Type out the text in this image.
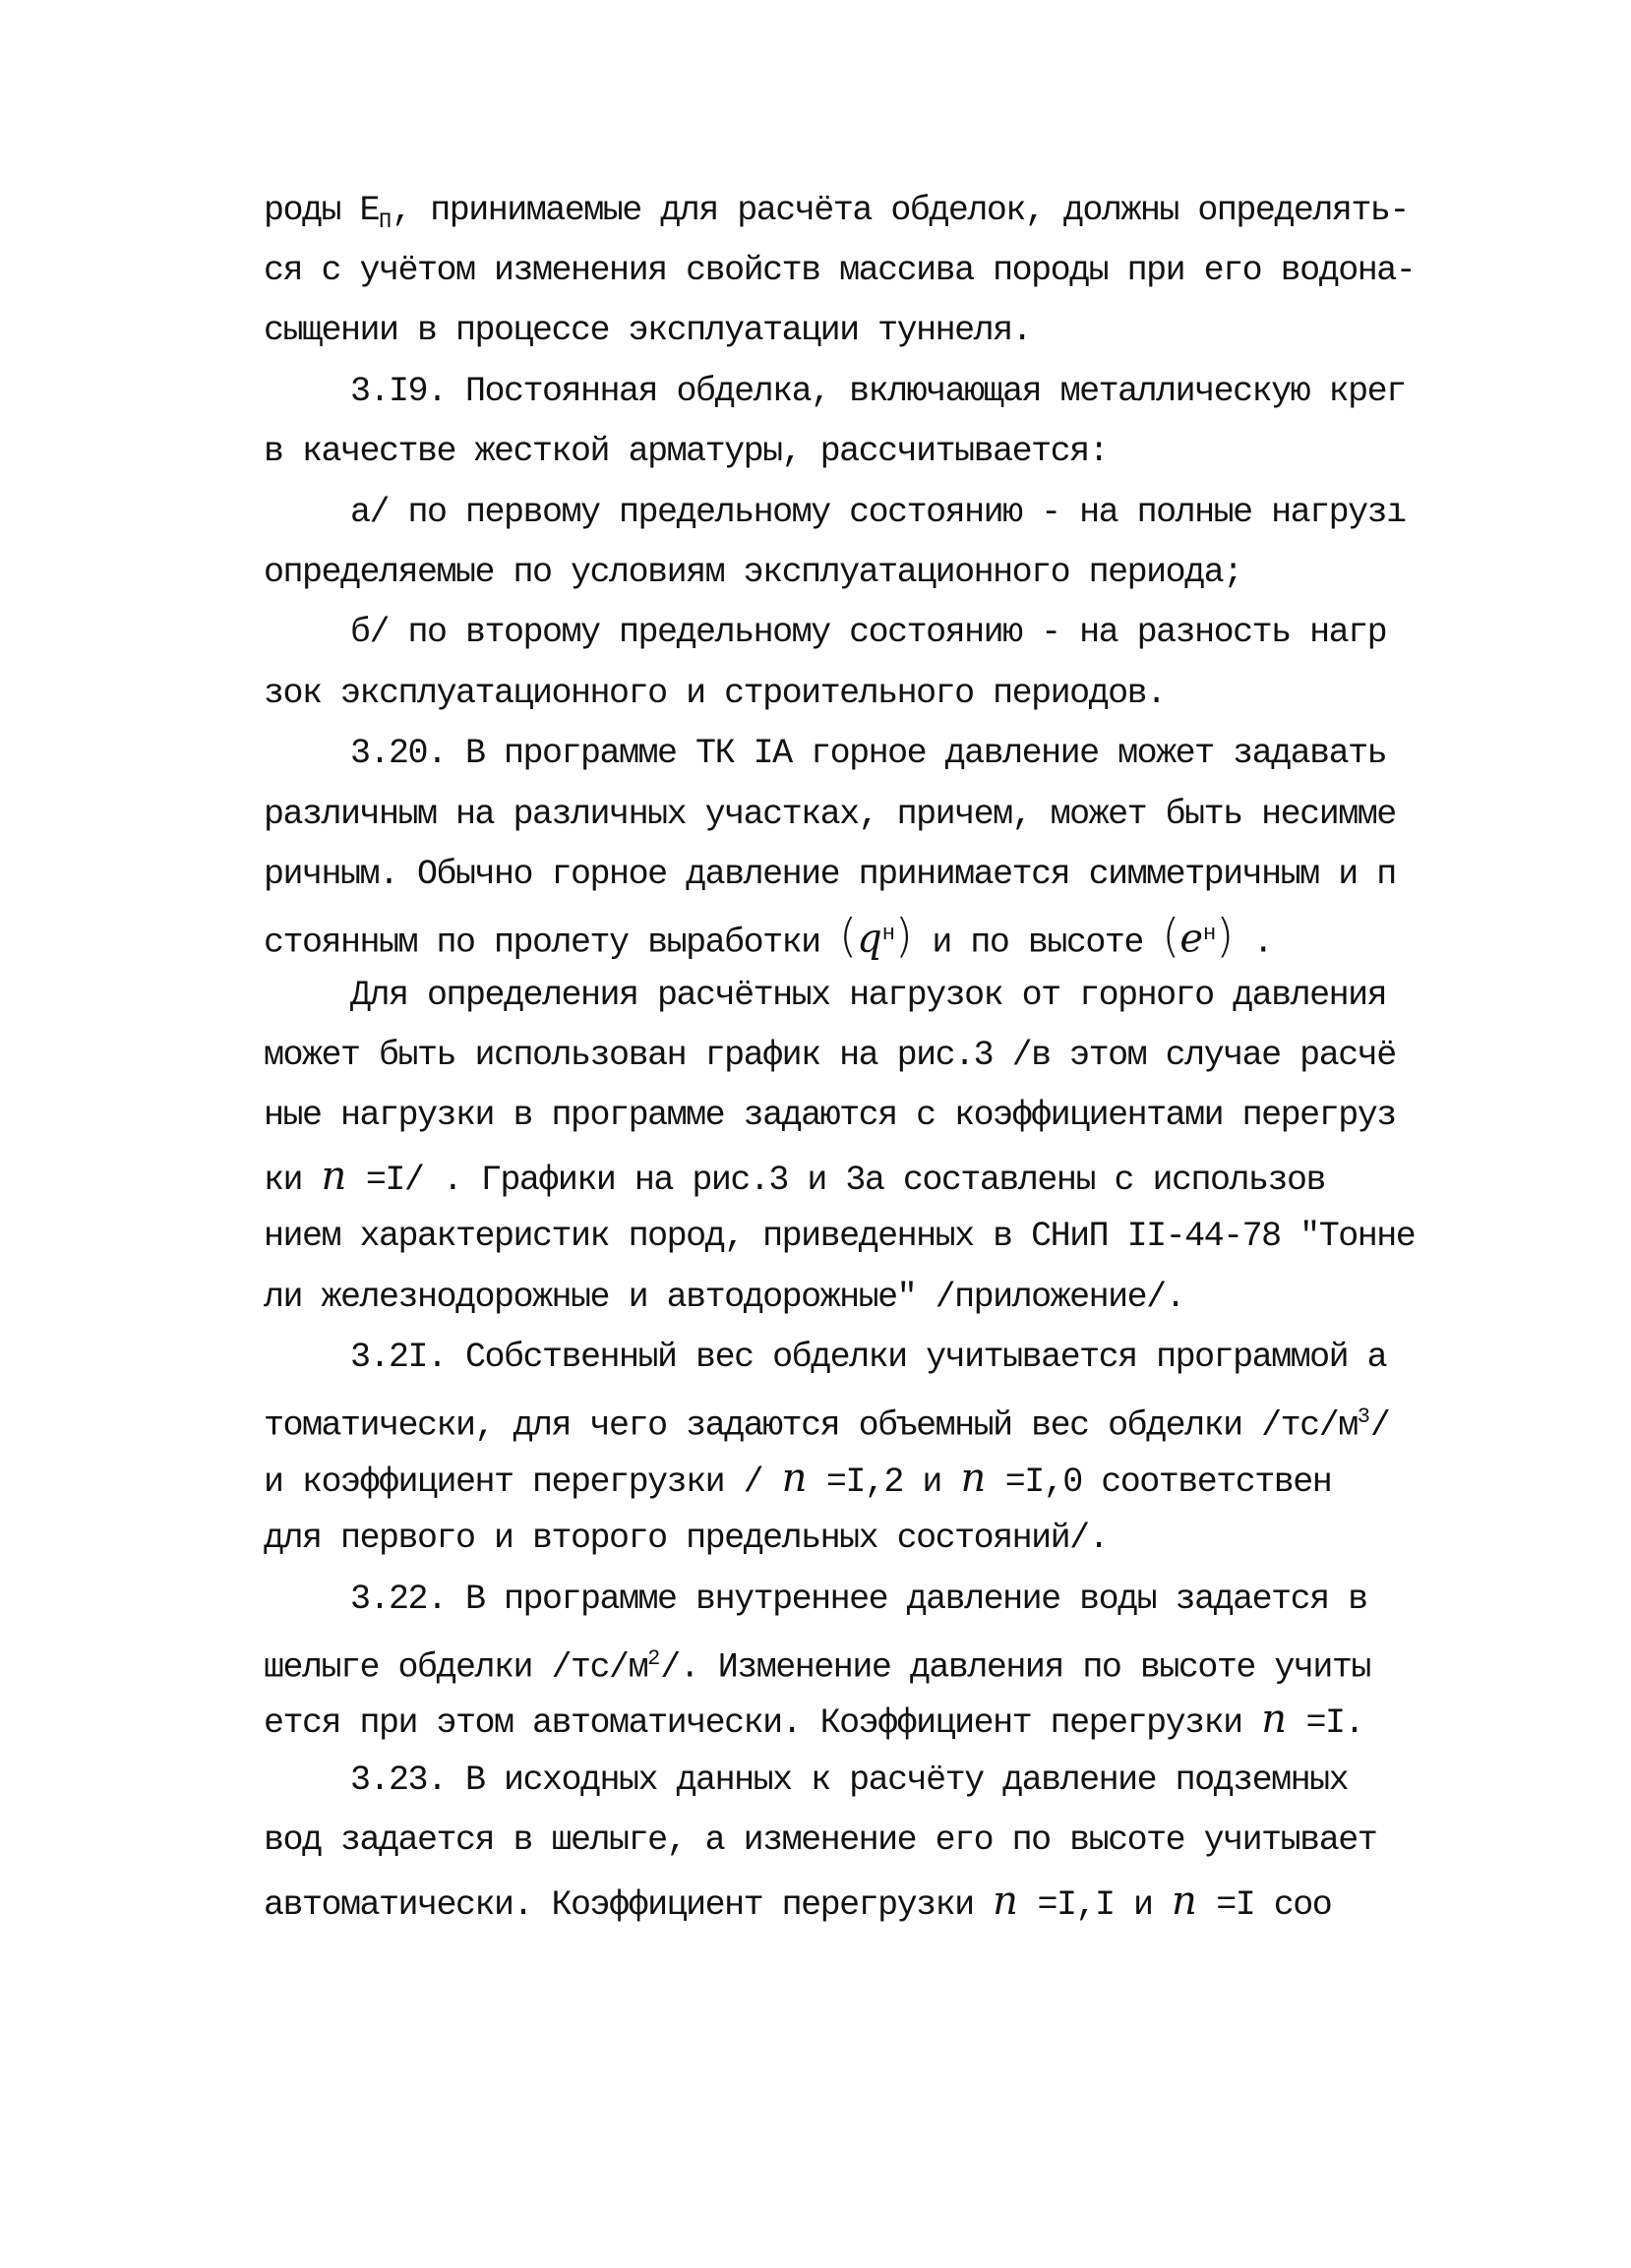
роды $E_П$, принимаемые для расчёта обделок, должны определять-
ся с учётом изменения свойств массива породы при его водона-
сыщении в процессе эксплуатации туннеля.
3.I9. Постоянная обделка, включающая металлическую крег
в качестве жесткой арматуры, рассчитывается:
а/ по первому предельному состоянию - на полные нагрузı
определяемые по условиям эксплуатационного периода;
б/ по второму предельному состоянию - на разность нагр
зок эксплуатационного и строительного периодов.
3.20. В программе ТК IA горное давление может задавать
различным на различных участках, причем, может быть несимме
ричным. Обычно горное давление принимается симметричным и п
стоянным по пролету выработки $(q^н)$ и по высоте $(e^н)$ .
Для определения расчётных нагрузок от горного давления
может быть использован график на рис.3 /в этом случае расчё
ные нагрузки в программе задаются с коэффициентами перегруз
ки n =I/ . Графики на рис.3 и 3а составлены с использов
нием характеристик пород, приведенных в СНиП II-44-78 "Тонне
ли железнодорожные и автодорожные" /приложение/.
3.2I. Собственный вес обделки учитывается программой а
томатически, для чего задаются объемный вес обделки $/тс/м^3/$
и коэффициент перегрузки / n =I,2 и n =I,0 соответствен
для первого и второго предельных состояний/.
3.22. В программе внутреннее давление воды задается в
шелыге обделки $/тс/м^2/$. Изменение давления по высоте учиты
ется при этом автоматически. Коэффициент перегрузки n =I.
3.23. В исходных данных к расчёту давление подземных
вод задается в шелыге, а изменение его по высоте учитывает
автоматически. Коэффициент перегрузки n =I,I и n =I соо
